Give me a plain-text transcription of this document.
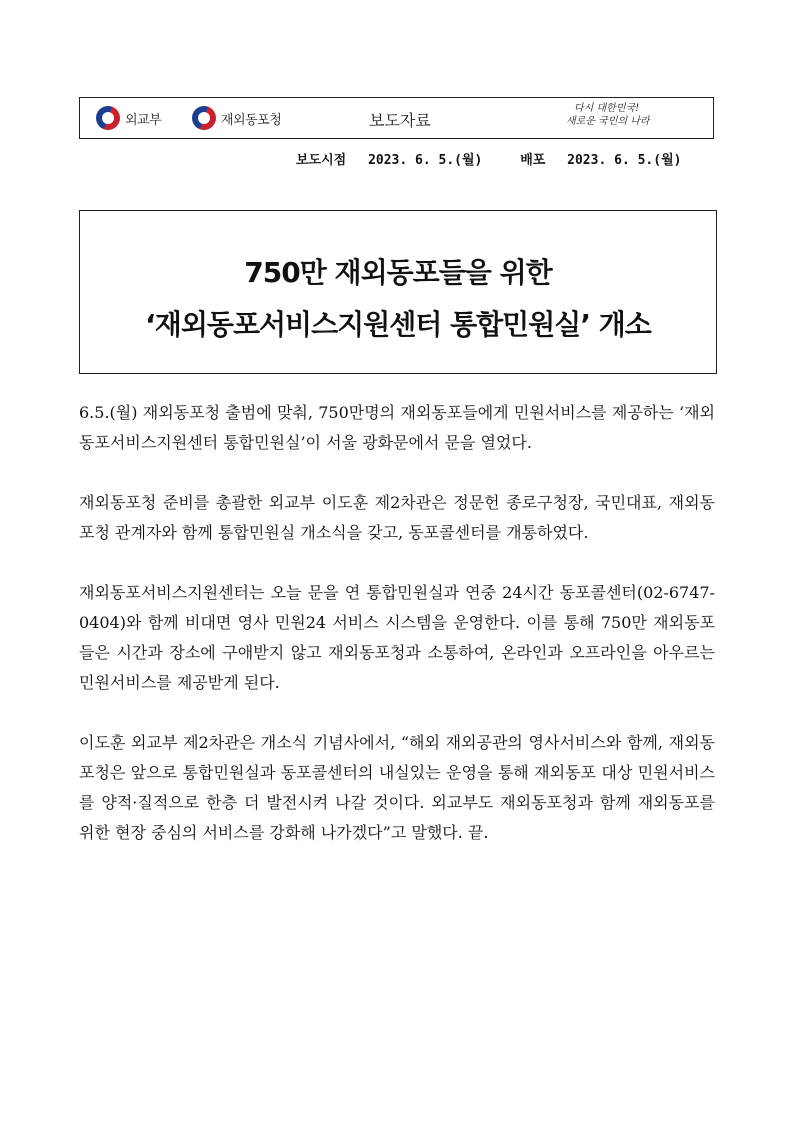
외교부	재외동포청	보도자료
다시 대한민국!
새로운 국민의 나라
보도시점 2023. 6. 5.(월)	배포 2023. 6. 5.(월)
750만 재외동포들을 위한
‘재외동포서비스지원센터 통합민원실’ 개소

6.5.(월) 재외동포청 출범에 맞춰, 750만명의 재외동포들에게 민원서비스를 제공하는 ‘재외동포서비스지원센터 통합민원실’이 서울 광화문에서 문을 열었다.

재외동포청 준비를 총괄한 외교부 이도훈 제2차관은 정문헌 종로구청장, 국민대표, 재외동포청 관계자와 함께 통합민원실 개소식을 갖고, 동포콜센터를 개통하였다.

재외동포서비스지원센터는 오늘 문을 연 통합민원실과 연중 24시간 동포콜센터(02-6747-0404)와 함께 비대면 영사 민원24 서비스 시스템을 운영한다. 이를 통해 750만 재외동포들은 시간과 장소에 구애받지 않고 재외동포청과 소통하여, 온라인과 오프라인을 아우르는 민원서비스를 제공받게 된다.

이도훈 외교부 제2차관은 개소식 기념사에서, “해외 재외공관의 영사서비스와 함께, 재외동포청은 앞으로 통합민원실과 동포콜센터의 내실있는 운영을 통해 재외동포 대상 민원서비스를 양적·질적으로 한층 더 발전시켜 나갈 것이다. 외교부도 재외동포청과 함께 재외동포를 위한 현장 중심의 서비스를 강화해 나가겠다”고 말했다. 끝.
